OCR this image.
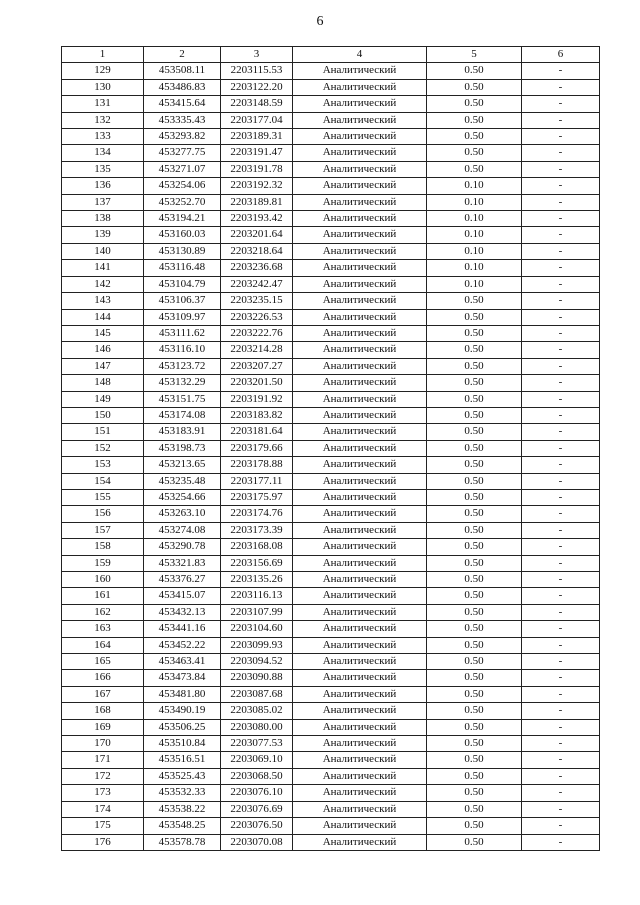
6
1	2	3	4	5	6
129	453508.11	2203115.53	Аналитический	0.50	-
130	453486.83	2203122.20	Аналитический	0.50	-
131	453415.64	2203148.59	Аналитический	0.50	-
132	453335.43	2203177.04	Аналитический	0.50	-
133	453293.82	2203189.31	Аналитический	0.50	-
134	453277.75	2203191.47	Аналитический	0.50	-
135	453271.07	2203191.78	Аналитический	0.50	-
136	453254.06	2203192.32	Аналитический	0.10	-
137	453252.70	2203189.81	Аналитический	0.10	-
138	453194.21	2203193.42	Аналитический	0.10	-
139	453160.03	2203201.64	Аналитический	0.10	-
140	453130.89	2203218.64	Аналитический	0.10	-
141	453116.48	2203236.68	Аналитический	0.10	-
142	453104.79	2203242.47	Аналитический	0.10	-
143	453106.37	2203235.15	Аналитический	0.50	-
144	453109.97	2203226.53	Аналитический	0.50	-
145	453111.62	2203222.76	Аналитический	0.50	-
146	453116.10	2203214.28	Аналитический	0.50	-
147	453123.72	2203207.27	Аналитический	0.50	-
148	453132.29	2203201.50	Аналитический	0.50	-
149	453151.75	2203191.92	Аналитический	0.50	-
150	453174.08	2203183.82	Аналитический	0.50	-
151	453183.91	2203181.64	Аналитический	0.50	-
152	453198.73	2203179.66	Аналитический	0.50	-
153	453213.65	2203178.88	Аналитический	0.50	-
154	453235.48	2203177.11	Аналитический	0.50	-
155	453254.66	2203175.97	Аналитический	0.50	-
156	453263.10	2203174.76	Аналитический	0.50	-
157	453274.08	2203173.39	Аналитический	0.50	-
158	453290.78	2203168.08	Аналитический	0.50	-
159	453321.83	2203156.69	Аналитический	0.50	-
160	453376.27	2203135.26	Аналитический	0.50	-
161	453415.07	2203116.13	Аналитический	0.50	-
162	453432.13	2203107.99	Аналитический	0.50	-
163	453441.16	2203104.60	Аналитический	0.50	-
164	453452.22	2203099.93	Аналитический	0.50	-
165	453463.41	2203094.52	Аналитический	0.50	-
166	453473.84	2203090.88	Аналитический	0.50	-
167	453481.80	2203087.68	Аналитический	0.50	-
168	453490.19	2203085.02	Аналитический	0.50	-
169	453506.25	2203080.00	Аналитический	0.50	-
170	453510.84	2203077.53	Аналитический	0.50	-
171	453516.51	2203069.10	Аналитический	0.50	-
172	453525.43	2203068.50	Аналитический	0.50	-
173	453532.33	2203076.10	Аналитический	0.50	-
174	453538.22	2203076.69	Аналитический	0.50	-
175	453548.25	2203076.50	Аналитический	0.50	-
176	453578.78	2203070.08	Аналитический	0.50	-
